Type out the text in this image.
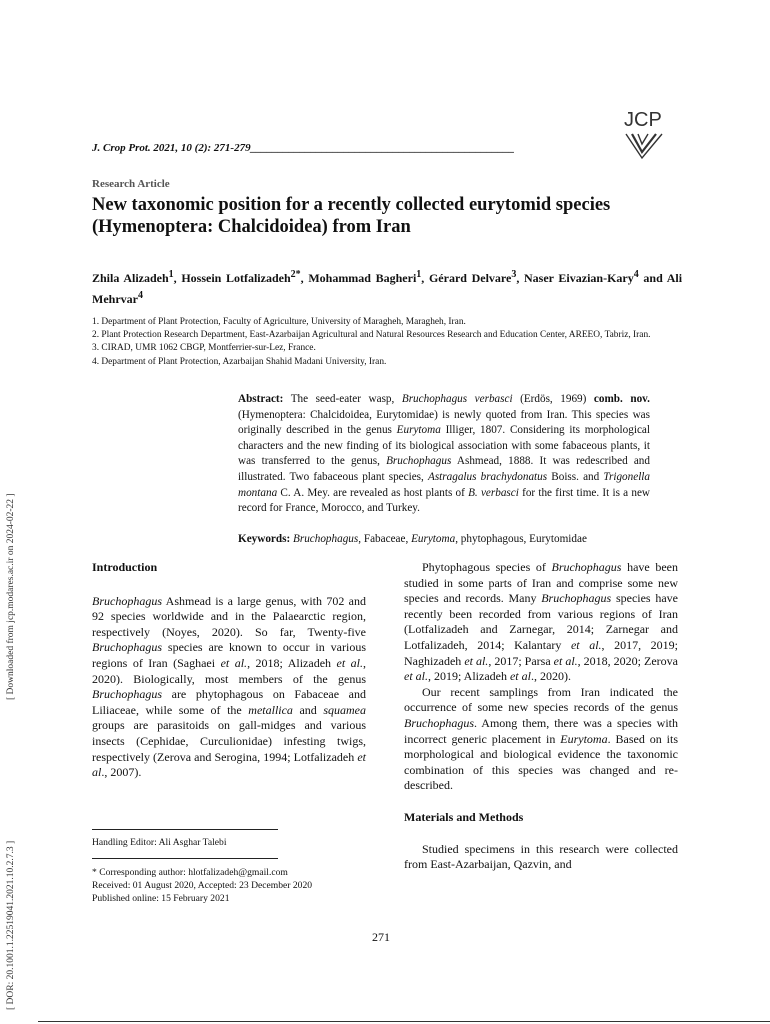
JCP
J. Crop Prot. 2021, 10 (2): 271-279________________________________________________
Research Article
New taxonomic position for a recently collected eurytomid species (Hymenoptera: Chalcidoidea) from Iran
Zhila Alizadeh$^1$, Hossein Lotfalizadeh$^{2*}$, Mohammad Bagheri$^1$, Gérard Delvare$^3$, Naser Eivazian-Kary$^4$ and Ali Mehrvar$^4$

1. Department of Plant Protection, Faculty of Agriculture, University of Maragheh, Maragheh, Iran.

2. Plant Protection Research Department, East-Azarbaijan Agricultural and Natural Resources Research and Education Center, AREEO, Tabriz, Iran.

3. CIRAD, UMR 1062 CBGP, Montferrier-sur-Lez, France.

4. Department of Plant Protection, Azarbaijan Shahid Madani University, Iran.

Abstract: The seed-eater wasp, Bruchophagus verbasci (Erdös, 1969) comb. nov. (Hymenoptera: Chalcidoidea, Eurytomidae) is newly quoted from Iran. This species was originally described in the genus Eurytoma Illiger, 1807. Considering its morphological characters and the new finding of its biological association with some fabaceous plants, it was transferred to the genus, Bruchophagus Ashmead, 1888. It was redescribed and illustrated. Two fabaceous plant species, Astragalus brachydonatus Boiss. and Trigonella montana C. A. Mey. are revealed as host plants of B. verbasci for the first time. It is a new record for France, Morocco, and Turkey.
Keywords: Bruchophagus, Fabaceae, Eurytoma, phytophagous, Eurytomidae
[ Downloaded from jcp.modares.ac.ir on 2024-02-22 ]
[ DOR: 20.1001.1.22519041.2021.10.2.7.3 ]
Introduction

Bruchophagus Ashmead is a large genus, with 702 and 92 species worldwide and in the Palaearctic region, respectively (Noyes, 2020). So far, Twenty-five Bruchophagus species are known to occur in various regions of Iran (Saghaei et al., 2018; Alizadeh et al., 2020). Biologically, most members of the genus Bruchophagus are phytophagous on Fabaceae and Liliaceae, while some of the metallica and squamea groups are parasitoids on gall-midges and various insects (Cephidae, Curculionidae) infesting twigs, respectively (Zerova and Serogina, 1994; Lotfalizadeh et al., 2007).

Phytophagous species of Bruchophagus have been studied in some parts of Iran and comprise some new species and records. Many Bruchophagus species have recently been recorded from various regions of Iran (Lotfalizadeh and Zarnegar, 2014; Zarnegar and Lotfalizadeh, 2014; Kalantary et al., 2017, 2019; Naghizadeh et al., 2017; Parsa et al., 2018, 2020; Zerova et al., 2019; Alizadeh et al., 2020).

Our recent samplings from Iran indicated the occurrence of some new species records of the genus Bruchophagus. Among them, there was a species with incorrect generic placement in Eurytoma. Based on its morphological and biological evidence the taxonomic combination of this species was changed and re-described.

Materials and Methods

Studied specimens in this research were collected from East-Azarbaijan, Qazvin, and

Handling Editor: Ali Asghar Talebi

* Corresponding author: hlotfalizadeh@gmail.com

Received: 01 August 2020, Accepted: 23 December 2020

Published online: 15 February 2021

271
